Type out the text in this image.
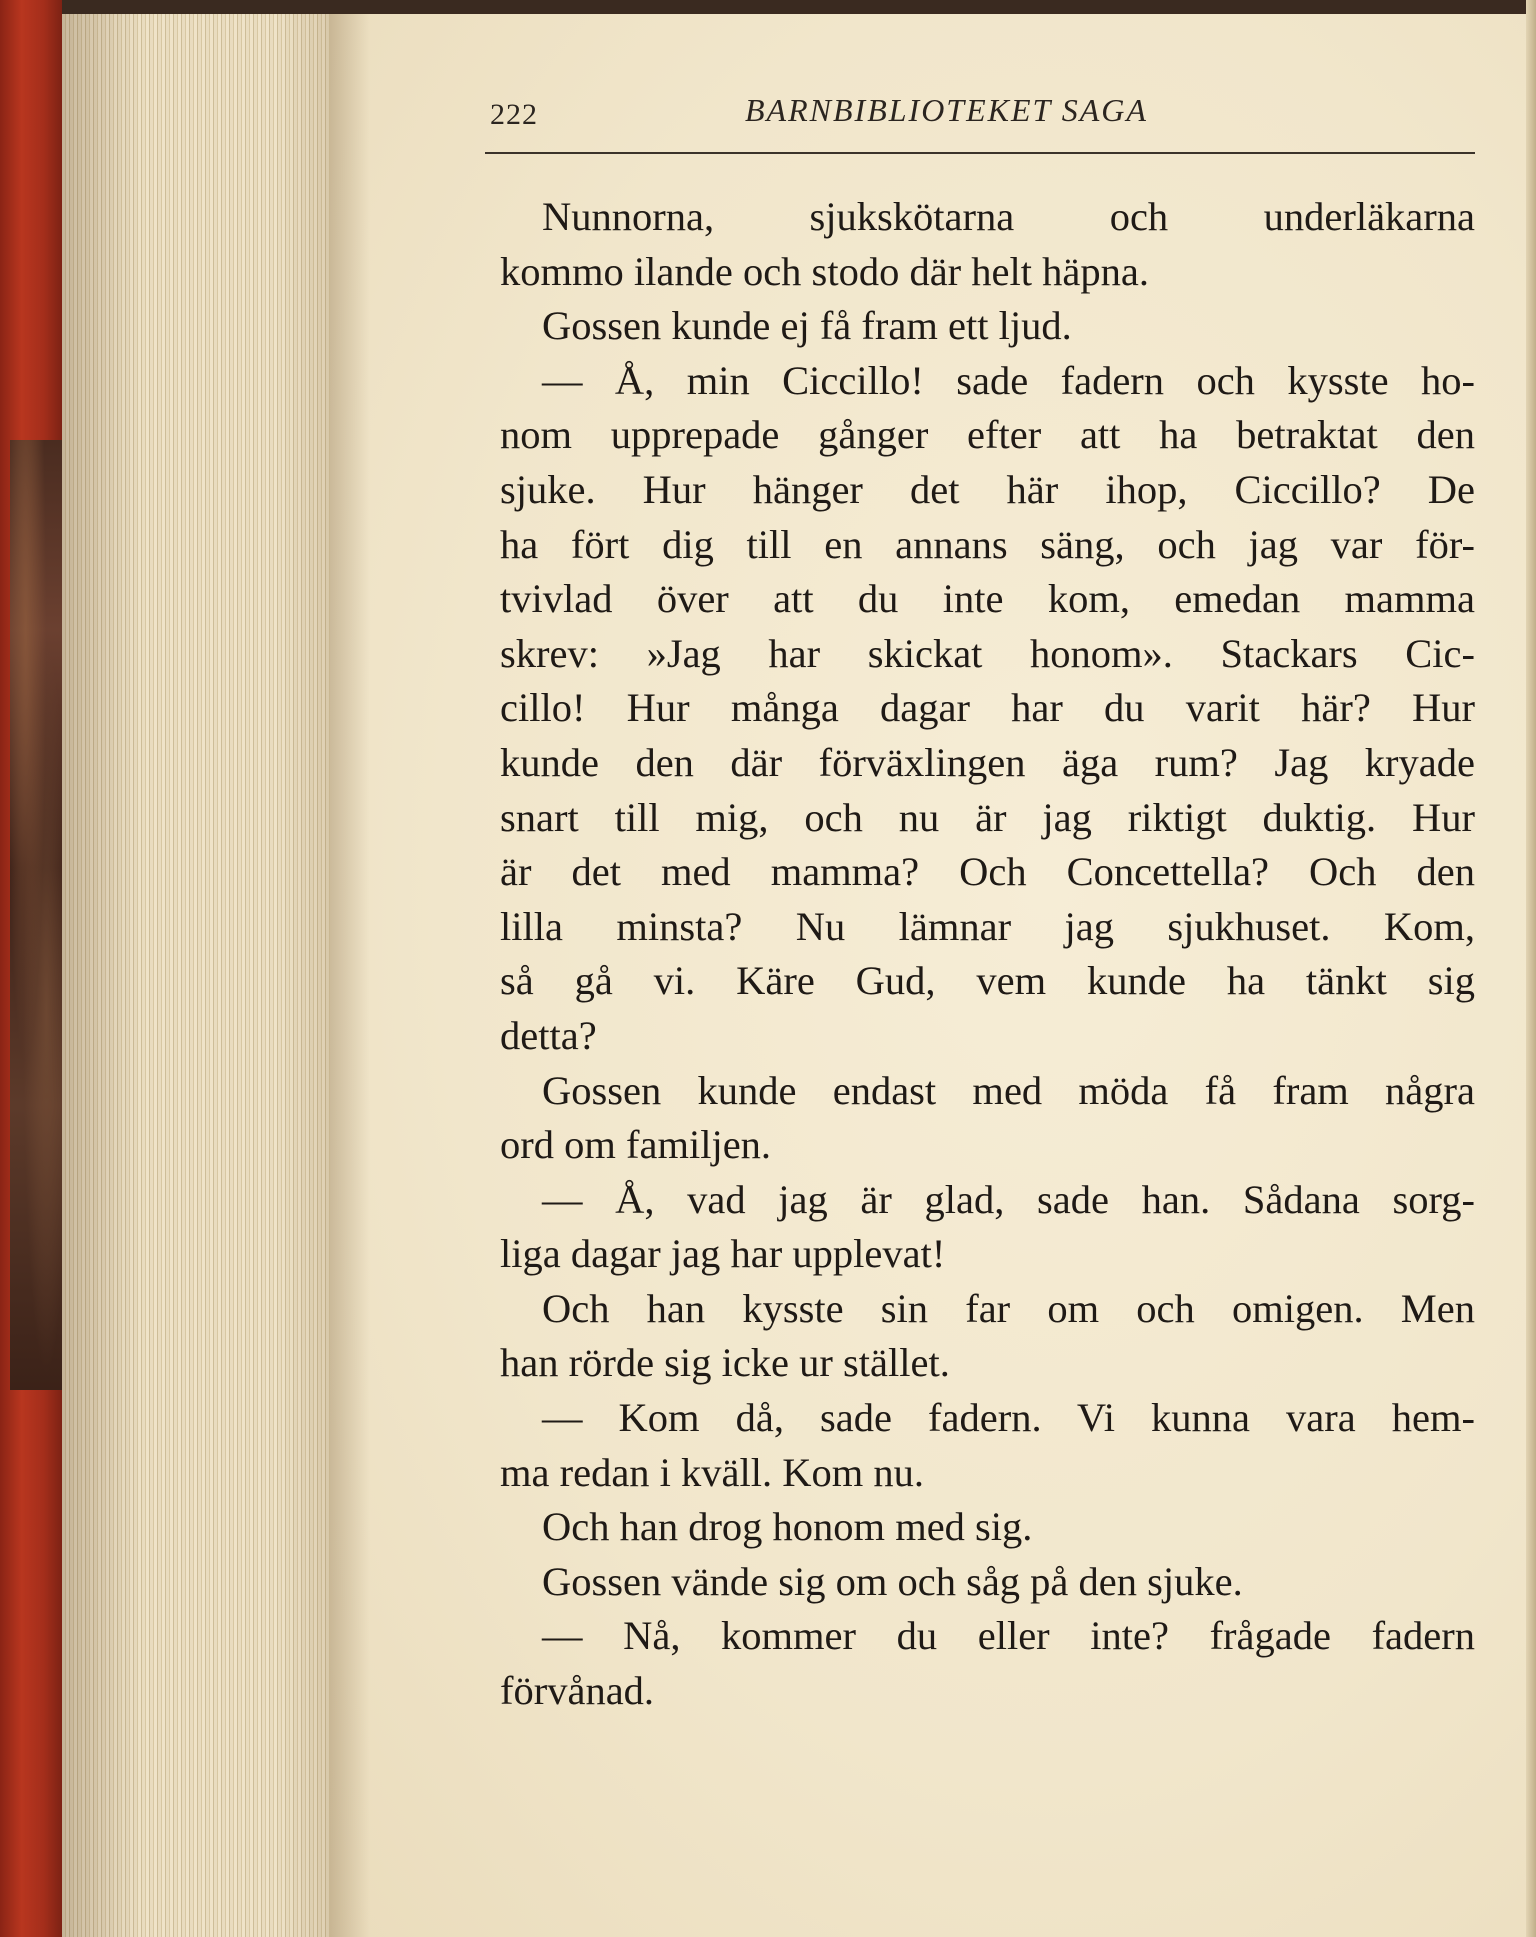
222	BARNBIBLIOTEKET SAGA
Nunnorna, sjukskötarna och underläkarna
kommo ilande och stodo där helt häpna.
Gossen kunde ej få fram ett ljud.
— Å, min Ciccillo! sade fadern och kysste ho-
nom upprepade gånger efter att ha betraktat den
sjuke. Hur hänger det här ihop, Ciccillo? De
ha fört dig till en annans säng, och jag var för-
tvivlad över att du inte kom, emedan mamma
skrev: »Jag har skickat honom». Stackars Cic-
cillo! Hur många dagar har du varit här? Hur
kunde den där förväxlingen äga rum? Jag kryade
snart till mig, och nu är jag riktigt duktig. Hur
är det med mamma? Och Concettella? Och den
lilla minsta? Nu lämnar jag sjukhuset. Kom,
så gå vi. Käre Gud, vem kunde ha tänkt sig
detta?
Gossen kunde endast med möda få fram några
ord om familjen.
— Å, vad jag är glad, sade han. Sådana sorg-
liga dagar jag har upplevat!
Och han kysste sin far om och omigen. Men
han rörde sig icke ur stället.
— Kom då, sade fadern. Vi kunna vara hem-
ma redan i kväll. Kom nu.
Och han drog honom med sig.
Gossen vände sig om och såg på den sjuke.
— Nå, kommer du eller inte? frågade fadern
förvånad.
